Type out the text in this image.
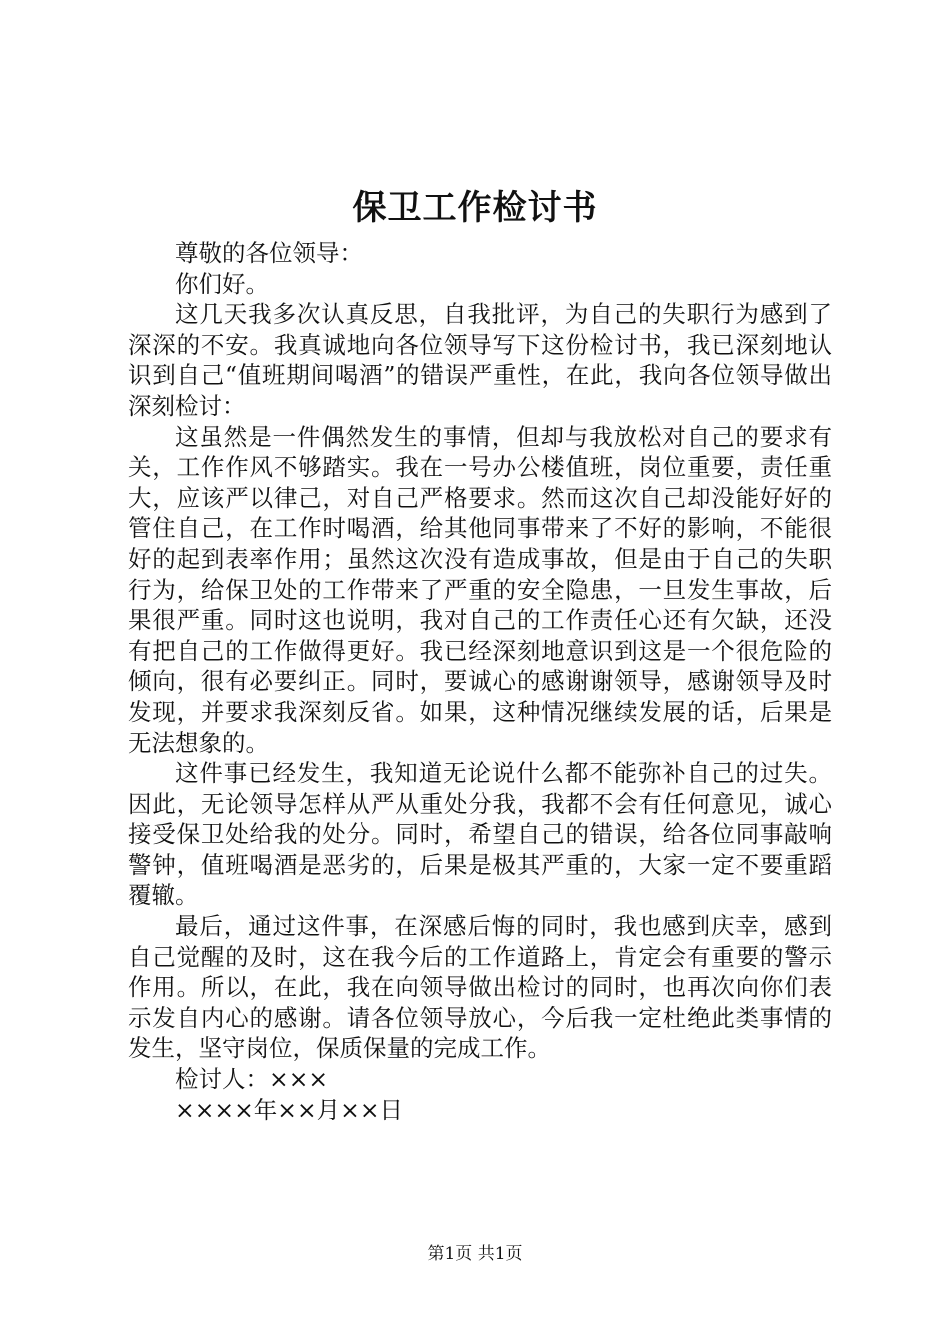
保卫工作检讨书

尊敬的各位领导：

你们好。

这几天我多次认真反思，自我批评，为自己的失职行为感到了深深的不安。我真诚地向各位领导写下这份检讨书，我已深刻地认识到自己“值班期间喝酒”的错误严重性，在此，我向各位领导做出深刻检讨：

这虽然是一件偶然发生的事情，但却与我放松对自己的要求有关，工作作风不够踏实。我在一号办公楼值班，岗位重要，责任重大，应该严以律己，对自己严格要求。然而这次自己却没能好好的管住自己，在工作时喝酒，给其他同事带来了不好的影响，不能很好的起到表率作用；虽然这次没有造成事故，但是由于自己的失职行为，给保卫处的工作带来了严重的安全隐患，一旦发生事故，后果很严重。同时这也说明，我对自己的工作责任心还有欠缺，还没有把自己的工作做得更好。我已经深刻地意识到这是一个很危险的倾向，很有必要纠正。同时，要诚心的感谢谢领导，感谢领导及时发现，并要求我深刻反省。如果，这种情况继续发展的话，后果是无法想象的。

这件事已经发生，我知道无论说什么都不能弥补自己的过失。因此，无论领导怎样从严从重处分我，我都不会有任何意见，诚心接受保卫处给我的处分。同时，希望自己的错误，给各位同事敲响警钟，值班喝酒是恶劣的，后果是极其严重的，大家一定不要重蹈覆辙。

最后，通过这件事，在深感后悔的同时，我也感到庆幸，感到自己觉醒的及时，这在我今后的工作道路上，肯定会有重要的警示作用。所以，在此，我在向领导做出检讨的同时，也再次向你们表示发自内心的感谢。请各位领导放心，今后我一定杜绝此类事情的发生，坚守岗位，保质保量的完成工作。

检讨人：×××

××××年××月××日

第1页 共1页
